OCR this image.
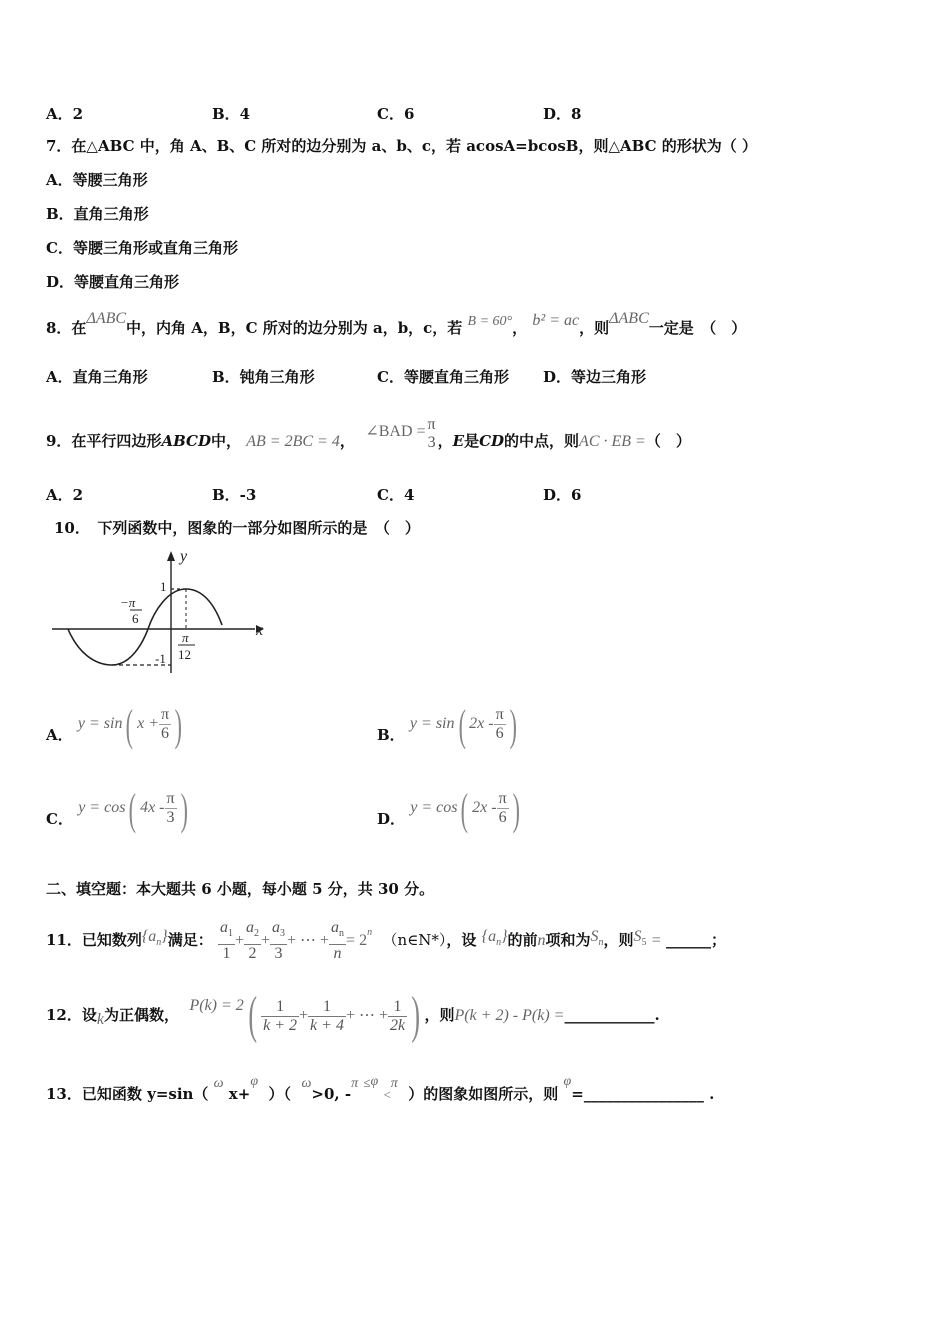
A．2	B．4	C．6	D．8
7．在△ABC 中，角 A、B、C 所对的边分别为 a、b、c，若 acosA=bcosB，则△ABC 的形状为（ ）
A．等腰三角形
B．直角三角形
C．等腰三角形或直角三角形
D．等腰直角三角形
8．在ΔABC中，内角 A，B，C 所对的边分别为 a，b，c，若 B = 60°， b² = ac，则ΔABC一定是　（　）
A．直角三角形	B．钝角三角形	C．等腰直角三角形 D．等边三角形
9．在平行四边形ABCD中， AB = 2BC = 4，  ∠BAD = π
3 ，E是CD的中点，则AC · EB =（　）
A．2	B．-3	C．4	D．6
10．　下列函数中，图象的一部分如图所示的是　（　）
y
x
1
-1
−π
6
π
12
A． y = sin( $x + \frac{\pi}{6}$ )	B． y = sin( $2x - \frac{\pi}{6}$ )
C． y = cos( $4x - \frac{\pi}{3}$ )	D． y = cos( $2x - \frac{\pi}{6}$ )
二、填空题：本大题共 6 小题，每小题 5 分，共 30 分。
11．已知数列$\{a_n\}$满足： $\frac{a_1}{1} + \frac{a_2}{2} + \frac{a_3}{3}$ + ⋯ + $\frac{a_n}{n} = 2^n$ （n∈N*），设 $\{a_n\}$的前n项和为$S_n$，则$S_5$ = ______；
12．设k为正偶数，  $P(k) = 2( \frac{1}{k + 2} + \frac{1}{k + 4}$ + ⋯ + $\frac{1}{2k}$ ) ，则P(k + 2) - P(k) =____________.
13．已知函数 y=sin（ ω x+φ  ）（  ω>0, -π ≤φ <π  ）的图象如图所示，则 φ=________________ .
